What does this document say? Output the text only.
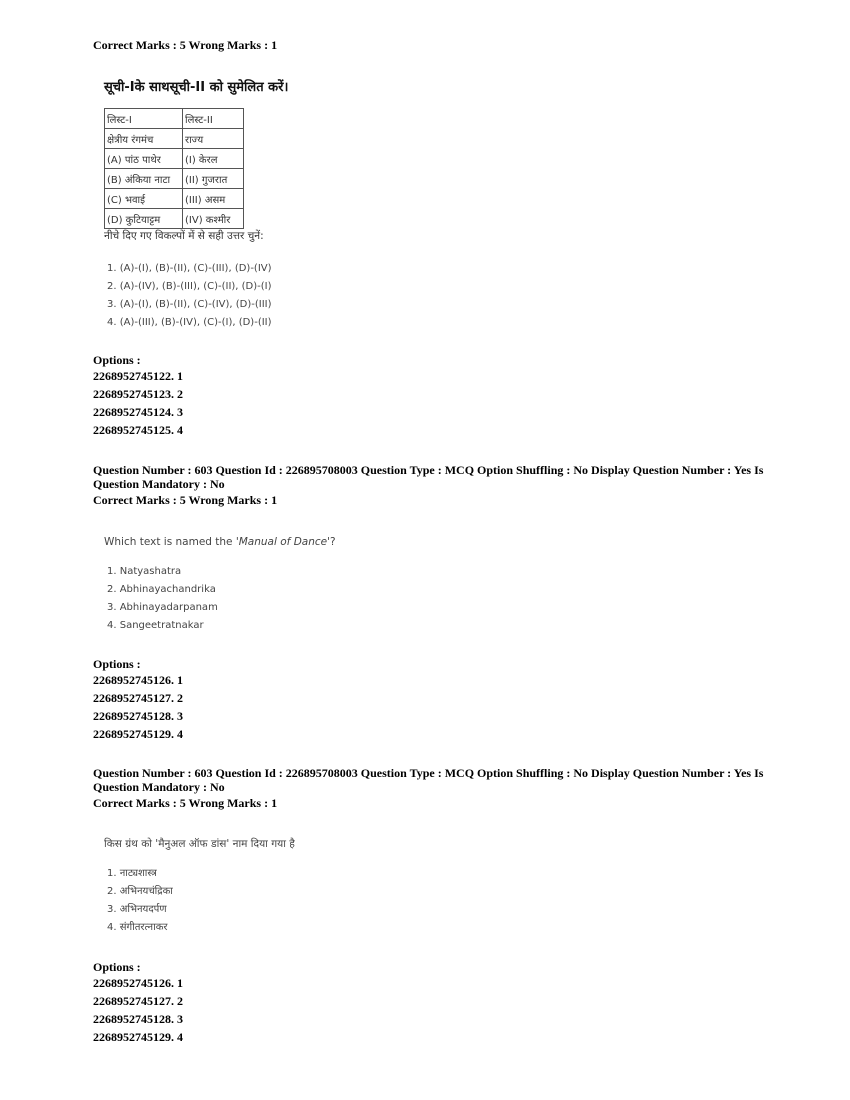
Correct Marks : 5 Wrong Marks : 1
सूची-Iके साथसूची-II को सुमेलित करें।
लिस्ट-I	लिस्ट-II
क्षेत्रीय रंगमंच	राज्य
(A) पांठ पाथेर	(I) केरल
(B) अंकिया नाटा	(II) गुजरात
(C) भवाई	(III) असम
(D) कुटियाट्टम	(IV) कश्मीर
नीचे दिए गए विकल्पों में से सही उत्तर चुनें:
1. (A)-(I), (B)-(II), (C)-(III), (D)-(IV)
2. (A)-(IV), (B)-(III), (C)-(II), (D)-(I)
3. (A)-(I), (B)-(II), (C)-(IV), (D)-(III)
4. (A)-(III), (B)-(IV), (C)-(I), (D)-(II)
Options :
2268952745122. 1
2268952745123. 2
2268952745124. 3
2268952745125. 4
Question Number : 603 Question Id : 226895708003 Question Type : MCQ Option Shuffling : No Display Question Number : Yes Is Question Mandatory : No
Correct Marks : 5 Wrong Marks : 1
Which text is named the 'Manual of Dance'?
1. Natyashatra
2. Abhinayachandrika
3. Abhinayadarpanam
4. Sangeetratnakar
Options :
2268952745126. 1
2268952745127. 2
2268952745128. 3
2268952745129. 4
Question Number : 603 Question Id : 226895708003 Question Type : MCQ Option Shuffling : No Display Question Number : Yes Is Question Mandatory : No
Correct Marks : 5 Wrong Marks : 1
किस ग्रंथ को 'मैनुअल ऑफ डांस' नाम दिया गया है
1. नाट्यशास्त्र
2. अभिनयचंद्रिका
3. अभिनयदर्पण
4. संगीतरत्नाकर
Options :
2268952745126. 1
2268952745127. 2
2268952745128. 3
2268952745129. 4
